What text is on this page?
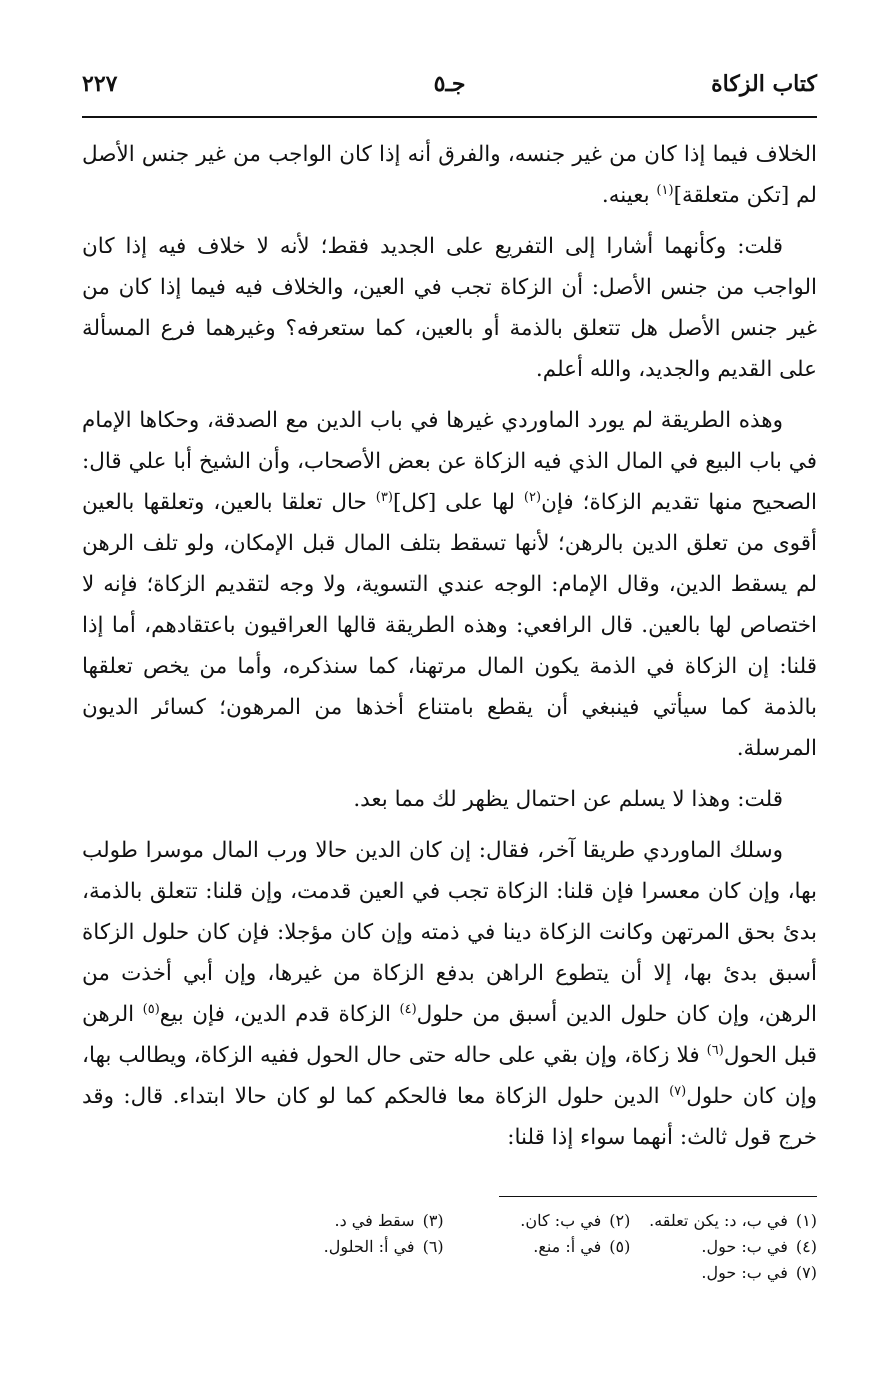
كتاب الزكاة
جـ٥
٢٢٧

الخلاف فيما إذا كان من غير جنسه، والفرق أنه إذا كان الواجب من غير جنس الأصل لم [تكن متعلقة]$^{(١)}$ بعينه.

قلت: وكأنهما أشارا إلى التفريع على الجديد فقط؛ لأنه لا خلاف فيه إذا كان الواجب من جنس الأصل: أن الزكاة تجب في العين، والخلاف فيه فيما إذا كان من غير جنس الأصل هل تتعلق بالذمة أو بالعين، كما ستعرفه؟ وغيرهما فرع المسألة على القديم والجديد، والله أعلم.

وهذه الطريقة لم يورد الماوردي غيرها في باب الدين مع الصدقة، وحكاها الإمام في باب البيع في المال الذي فيه الزكاة عن بعض الأصحاب، وأن الشيخ أبا علي قال: الصحيح منها تقديم الزكاة؛ فإن$^{(٢)}$ لها على [كل]$^{(٣)}$ حال تعلقا بالعين، وتعلقها بالعين أقوى من تعلق الدين بالرهن؛ لأنها تسقط بتلف المال قبل الإمكان، ولو تلف الرهن لم يسقط الدين، وقال الإمام: الوجه عندي التسوية، ولا وجه لتقديم الزكاة؛ فإنه لا اختصاص لها بالعين. قال الرافعي: وهذه الطريقة قالها العراقيون باعتقادهم، أما إذا قلنا: إن الزكاة في الذمة يكون المال مرتهنا، كما سنذكره، وأما من يخص تعلقها بالذمة كما سيأتي فينبغي أن يقطع بامتناع أخذها من المرهون؛ كسائر الديون المرسلة.

قلت: وهذا لا يسلم عن احتمال يظهر لك مما بعد.

وسلك الماوردي طريقا آخر، فقال: إن كان الدين حالا ورب المال موسرا طولب بها، وإن كان معسرا فإن قلنا: الزكاة تجب في العين قدمت، وإن قلنا: تتعلق بالذمة، بدئ بحق المرتهن وكانت الزكاة دينا في ذمته وإن كان مؤجلا: فإن كان حلول الزكاة أسبق بدئ بها، إلا أن يتطوع الراهن بدفع الزكاة من غيرها، وإن أبي أخذت من الرهن، وإن كان حلول الدين أسبق من حلول$^{(٤)}$ الزكاة قدم الدين، فإن بيع$^{(٥)}$ الرهن قبل الحول$^{(٦)}$ فلا زكاة، وإن بقي على حاله حتى حال الحول ففيه الزكاة، ويطالب بها، وإن كان حلول$^{(٧)}$ الدين حلول الزكاة معا فالحكم كما لو كان حالا ابتداء. قال: وقد خرج قول ثالث: أنهما سواء إذا قلنا:

(١)في ب، د: يكن تعلقه.
(٢)في ب: كان.
(٣)سقط في د.
(٤)في ب: حول.
(٥)في أ: منع.
(٦)في أ: الحلول.
(٧)في ب: حول.
